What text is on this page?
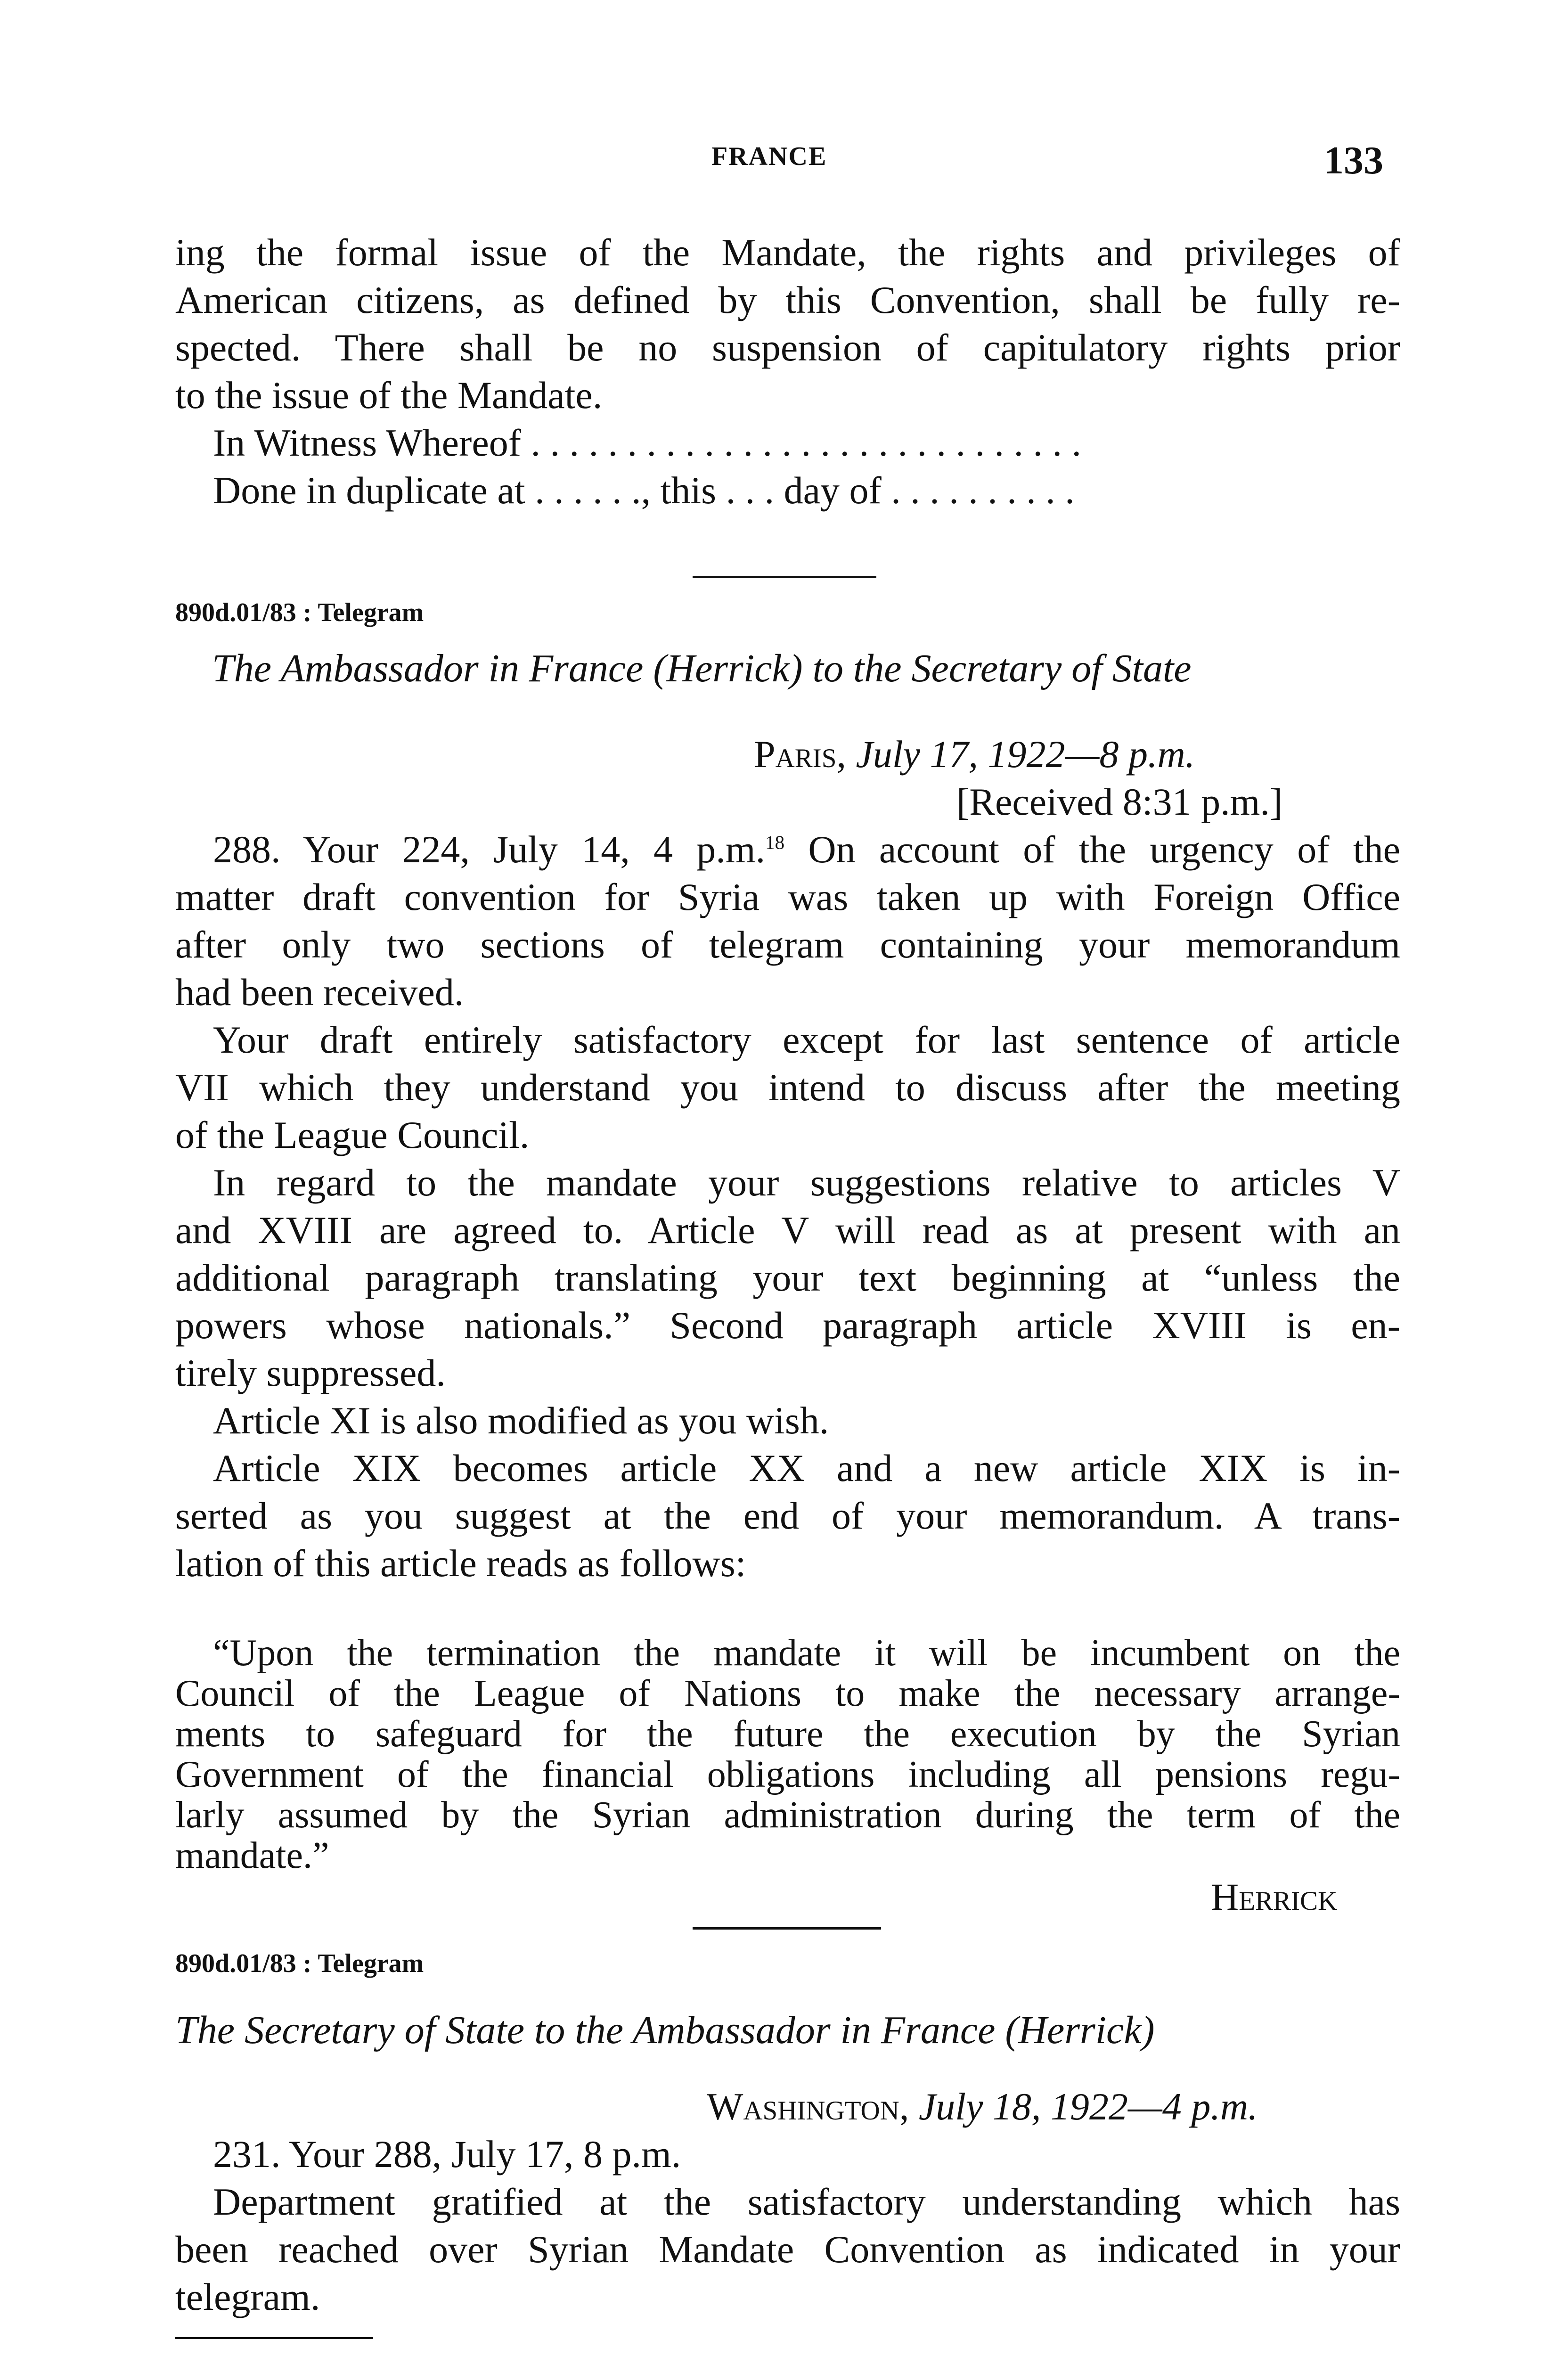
FRANCE	133
ing the formal issue of the Mandate, the rights and privileges of
American citizens, as defined by this Convention, shall be fully re-
spected. There shall be no suspension of capitulatory rights prior
to the issue of the Mandate.
In Witness Whereof . . . . . . . . . . . . . . . . . . . . . . . . . . . . .
Done in duplicate at . . . . . ., this . . . day of . . . . . . . . . .
890d.01/83 : Telegram
The Ambassador in France (Herrick) to the Secretary of State
Paris, July 17, 1922—8 p.m.
[Received 8:31 p.m.]
288. Your 224, July 14, 4 p.m.$^{18}$ On account of the urgency of the
matter draft convention for Syria was taken up with Foreign Office
after only two sections of telegram containing your memorandum
had been received.
Your draft entirely satisfactory except for last sentence of article
VII which they understand you intend to discuss after the meeting
of the League Council.
In regard to the mandate your suggestions relative to articles V
and XVIII are agreed to. Article V will read as at present with an
additional paragraph translating your text beginning at “unless the
powers whose nationals.” Second paragraph article XVIII is en-
tirely suppressed.
Article XI is also modified as you wish.
Article XIX becomes article XX and a new article XIX is in-
serted as you suggest at the end of your memorandum. A trans-
lation of this article reads as follows:
“Upon the termination the mandate it will be incumbent on the
Council of the League of Nations to make the necessary arrange-
ments to safeguard for the future the execution by the Syrian
Government of the financial obligations including all pensions regu-
larly assumed by the Syrian administration during the term of the
mandate.”
Herrick
890d.01/83 : Telegram
The Secretary of State to the Ambassador in France (Herrick)
Washington, July 18, 1922—4 p.m.
231. Your 288, July 17, 8 p.m.
Department gratified at the satisfactory understanding which has
been reached over Syrian Mandate Convention as indicated in your
telegram.
